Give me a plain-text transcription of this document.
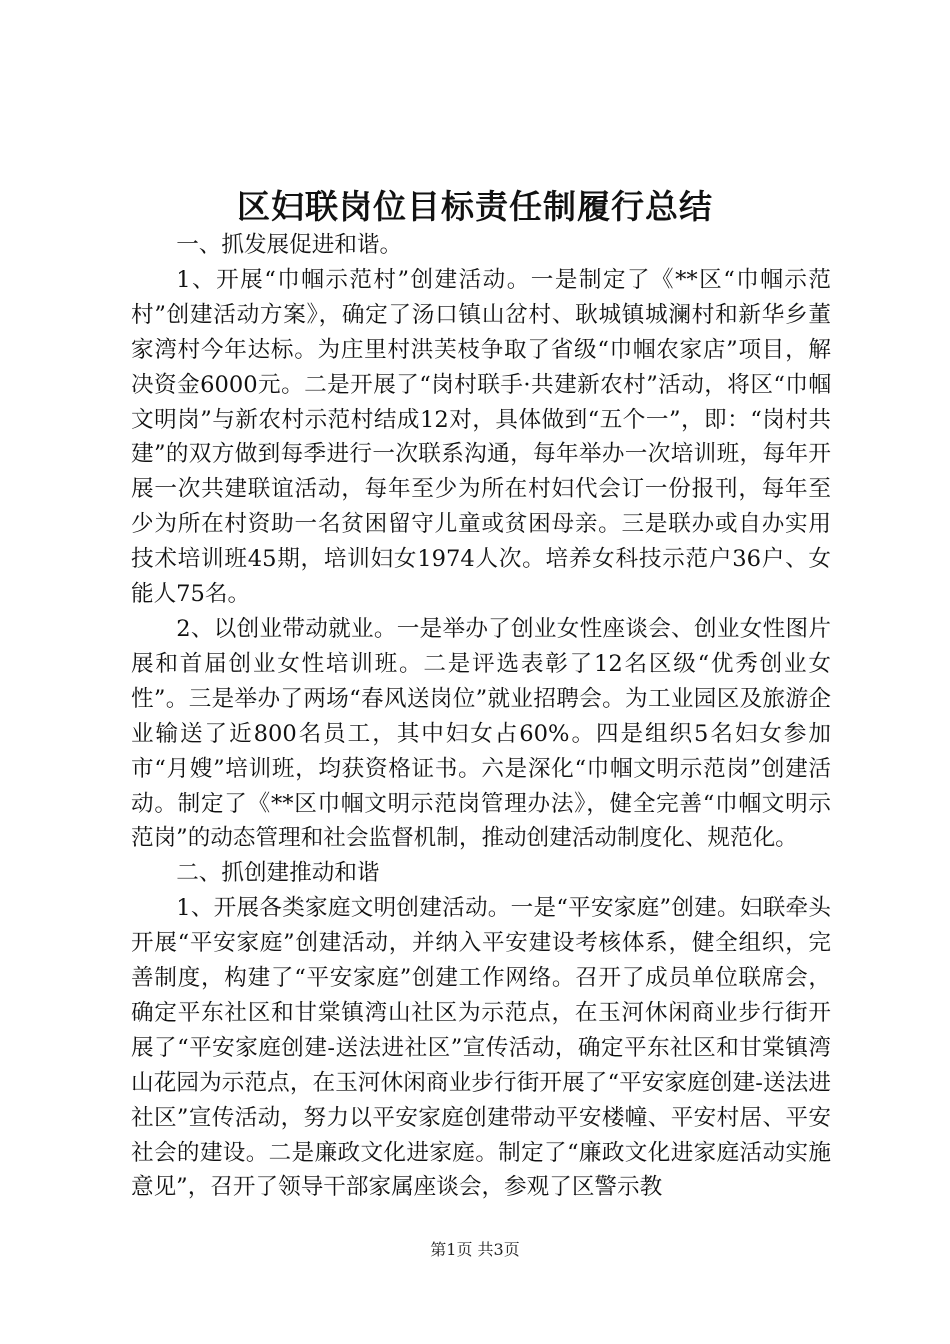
区妇联岗位目标责任制履行总结

一、抓发展促进和谐。

1、开展“巾帼示范村”创建活动。一是制定了《**区“巾帼示范村”创建活动方案》，确定了汤口镇山岔村、耿城镇城澜村和新华乡董家湾村今年达标。为庄里村洪芙枝争取了省级“巾帼农家店”项目，解决资金6000元。二是开展了“岗村联手·共建新农村”活动，将区“巾帼文明岗”与新农村示范村结成12对，具体做到“五个一”，即：“岗村共建”的双方做到每季进行一次联系沟通，每年举办一次培训班，每年开展一次共建联谊活动，每年至少为所在村妇代会订一份报刊，每年至少为所在村资助一名贫困留守儿童或贫困母亲。三是联办或自办实用技术培训班45期，培训妇女1974人次。培养女科技示范户36户、女能人75名。

2、以创业带动就业。一是举办了创业女性座谈会、创业女性图片展和首届创业女性培训班。二是评选表彰了12名区级“优秀创业女性”。三是举办了两场“春风送岗位”就业招聘会。为工业园区及旅游企业输送了近800名员工，其中妇女占60%。四是组织5名妇女参加市“月嫂”培训班，均获资格证书。六是深化“巾帼文明示范岗”创建活动。制定了《**区巾帼文明示范岗管理办法》，健全完善“巾帼文明示范岗”的动态管理和社会监督机制，推动创建活动制度化、规范化。

二、抓创建推动和谐

1、开展各类家庭文明创建活动。一是“平安家庭”创建。妇联牵头开展“平安家庭”创建活动，并纳入平安建设考核体系，健全组织，完善制度，构建了“平安家庭”创建工作网络。召开了成员单位联席会，确定平东社区和甘棠镇湾山社区为示范点，在玉河休闲商业步行街开展了“平安家庭创建-送法进社区”宣传活动，确定平东社区和甘棠镇湾山花园为示范点，在玉河休闲商业步行街开展了“平安家庭创建-送法进社区”宣传活动，努力以平安家庭创建带动平安楼幢、平安村居、平安社会的建设。二是廉政文化进家庭。制定了“廉政文化进家庭活动实施意见”，召开了领导干部家属座谈会，参观了区警示教

第1页 共3页
